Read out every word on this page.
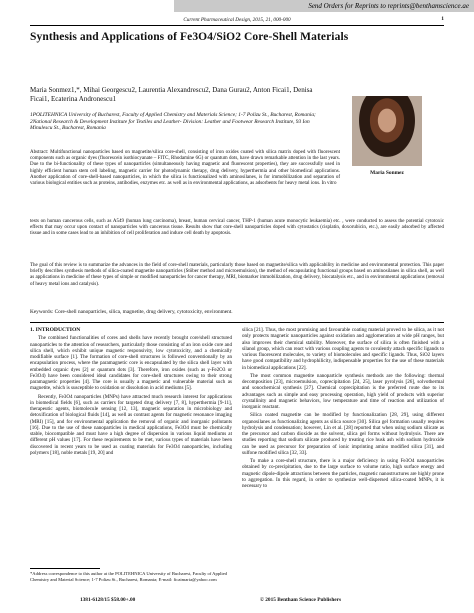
Send Orders for Reprints to reprints@benthamscience.ae
Current Pharmaceutical Design, 2015, 21, 000-000	1
Synthesis and Applications of Fe3O4/SiO2 Core-Shell Materials
Maria Sonmez1,*, Mihai Georgescu2, Laurentia Alexandrescu2, Dana Gurau2, Anton Ficai1, Denisa Ficai1, Ecaterina Andronescu1
1POLITEHNICA University of Bucharest, Faculty of Applied Chemistry and Materials Science; 1-7 Polizu St., Bucharest, Romania; 2National Research & Development Institute for Textiles and Leather- Division: Leather and Footwear Research Institute, 93 Ion Minulescu St., Bucharest, Romania
Maria Sonmez
Abstract: Multifunctional nanoparticles based on magnetite/silica core-shell, consisting of iron oxides coated with silica matrix doped with fluorescent components such as organic dyes (fluorescein isothiocyanate – FITC, Rhodamine 6G) or quantum dots, have drawn remarkable attention in the last years. Due to the bi-functionality of these types of nanoparticles (simultaneously having magnetic and fluorescent properties), they are successfully used in highly efficient human stem cell labeling, magnetic carrier for photodynamic therapy, drug delivery, hyperthermia and other biomedical applications. Another application of core-shell-based nanoparticles, in which the silica is functionalized with aminosilanes, is for immobilization and separation of various biological entities such as proteins, antibodies, enzymes etc. as well as in environmental applications, as adsorbents for heavy metal ions. In vitro
tests on human cancerous cells, such as A549 (human lung carcinoma), breast, human cervical cancer, THP-1 (human acute monocytic leukaemia) etc. , were conducted to assess the potential cytotoxic effects that may occur upon contact of nanoparticles with cancerous tissue. Results show that core-shell nanoparticles doped with cytostatics (cisplatin, doxorubicin, etc.), are easily adsorbed by affected tissue and in some cases lead to an inhibition of cell proliferation and induce cell death by apoptosis.
The goal of this review is to summarize the advances in the field of core-shell materials, particularly those based on magnetite/silica with applicability in medicine and environmental protection. This paper briefly describes synthesis methods of silica-coated magnetite nanoparticles (Stöber method and microemulsion), the method of encapsulating functional groups based on aminosilanes in silica shell, as well as applications in medicine of these types of simple or modified nanoparticles for cancer therapy, MRI, biomarker immobilization, drug delivery, biocatalysis etc., and in environmental applications (removal of heavy metal ions and catalysis).
Keywords: Core-shell nanoparticles, silica, magnetite, drug delivery, cytotoxicity, environment.
1. INTRODUCTION

The combined functionalities of cores and shells have recently brought core/shell structured nanoparticles to the attention of researchers, particularly those consisting of an iron oxide core and silica shell, which exhibit unique magnetic responsivity, low cytotoxicity, and a chemically modifiable surface [1]. The formation of core-shell structures is followed conventionally by an encapsulation process, where the paramagnetic core is encapsulated by the silica shell layer with embedded organic dyes [2] or quantum dots [3]. Therefore, iron oxides (such as γ-Fe2O3 or Fe3O4) have been considered ideal candidates for core-shell structures owing to their strong paramagnetic properties [4]. The core is usually a magnetic and vulnerable material such as magnetite, which is susceptible to oxidation or dissolution in acid mediums [5].

Recently, Fe3O4 nanoparticles (MNPs) have attracted much research interest for applications in biomedical fields [6], such as carriers for targeted drug delivery [7, 8], hyperthermia [9-11], therapeutic agents, biomolecule sensing [12, 13], magnetic separation in microbiology and detoxification of biological fluids [14], as well as contrast agents for magnetic resonance imaging (MRI) [15], and for environmental application the removal of organic and inorganic pollutants [16]. Due to the use of these nanoparticles in medical applications, Fe3O4 must be chemically stable, biocompatible and must have a high degree of dispersion in various liquid mediums at different pH values [17]. For these requirements to be met, various types of materials have been discovered in recent years to be used as coating materials for Fe3O4 nanoparticles, including polymers [18], noble metals [19, 20] and

silica [21]. Thus, the most promising and favourable coating material proved to be silica, as it not only protects magnetic nanoparticles against oxidation and agglomeration at wide pH ranges, but also improves their chemical stability. Moreover, the surface of silica is often finished with a silanol group, which can react with various coupling agents to covalently attach specific ligands to various fluorescent molecules, to variety of biomolecules and specific ligands. Thus, SiO2 layers have good compatibility and hydrophilicity, indispensable properties for the use of these materials in biomedical applications [22].

The most common magnetite nanoparticle synthesis methods are the following: thermal decomposition [23], microemulsion, coprecipitation [24, 25], laser pyrolysis [26], solvothermal and sonochemical synthesis [27]. Chemical coprecipitation is the preferred route due to its advantages such as simple and easy processing operation, high yield of products with superior crystallinity and magnetic behaviors, low temperature and time of reaction and utilization of inorganic reactant.

Silica coated magnetite can be modified by functionalization [28, 29], using different organosilanes as functionalizing agents as silica source [30]. Silica gel formation usually requires hydrolysis and condensation; however, Lin et al. [28] reported that when using sodium silicate as the precursor and carbon dioxide as the solvent, silica gel forms without hydrolysis. There are studies reporting that sodium silicate produced by treating rice husk ash with sodium hydroxide can be used as precursor for preparation of ionic imprinting amino modified silica [31], and sulfone modified silica [32, 33].

To make a core-shell structure, there is a major deficiency in using Fe3O4 nanoparticles obtained by co-precipitation, due to the large surface to volume ratio, high surface energy and magnetic dipole-dipole attractions between the particles, magnetic nanostructures are highly prone to aggregation. In this regard, in order to synthesize well-dispersed silica-coated MNPs, it is necessary to

*Address correspondence to this author at the POLITEHNICA University of Bucharest, Faculty of Applied Chemistry and Material Science; 1-7 Polizu St., Bucharest, Romania; E-mail: ficaimaria@yahoo.com
1381-6128/15 $58.00+.00	© 2015 Bentham Science Publishers
